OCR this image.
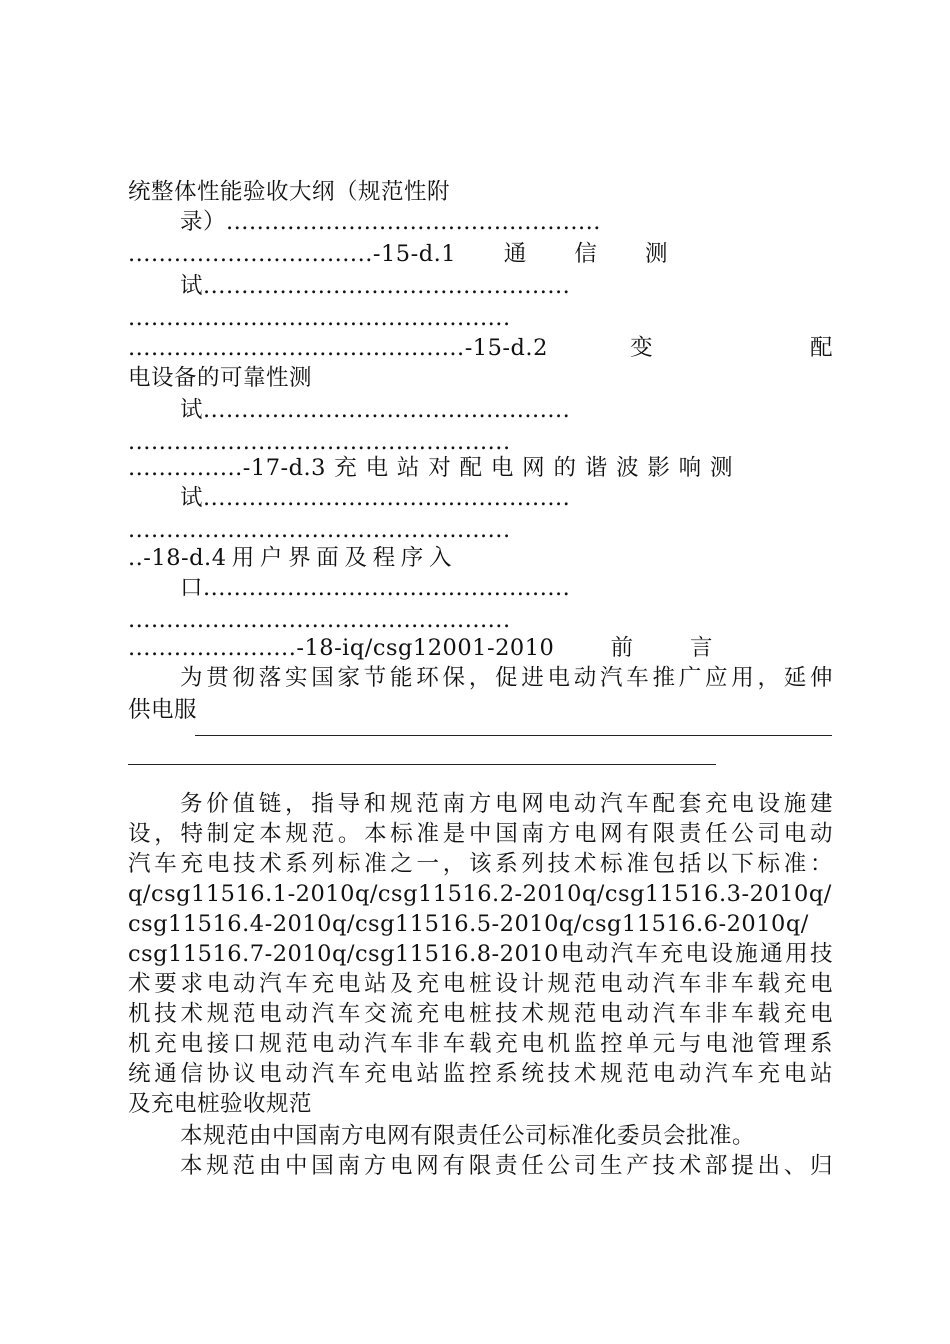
统整体性能验收大纲（规范性附
录）.................................................
................................-15-d.1通信测
试................................................
..................................................
............................................-15-d.2 变 配
电设备的可靠性测
试................................................
..................................................
...............-17-d.3充电站对配电网的谐波影响测
试................................................
..................................................
..-18-d.4用户界面及程序入
口................................................
..................................................
......................-18-iq/csg12001-2010前言
为贯彻落实国家节能环保，促进电动汽车推广应用，延伸
供电服
务价值链，指导和规范南方电网电动汽车配套充电设施建
设，特制定本规范。本标准是中国南方电网有限责任公司电动
汽车充电技术系列标准之一，该系列技术标准包括以下标准：
q/csg11516.1-2010q/csg11516.2-2010q/csg11516.3-2010q/
csg11516.4-2010q/csg11516.5-2010q/csg11516.6-2010q/
csg11516.7-2010q/csg11516.8-2010电动汽车充电设施通用技
术要求电动汽车充电站及充电桩设计规范电动汽车非车载充电
机技术规范电动汽车交流充电桩技术规范电动汽车非车载充电
机充电接口规范电动汽车非车载充电机监控单元与电池管理系
统通信协议电动汽车充电站监控系统技术规范电动汽车充电站
及充电桩验收规范
本规范由中国南方电网有限责任公司标准化委员会批准。
本规范由中国南方电网有限责任公司生产技术部提出、归
